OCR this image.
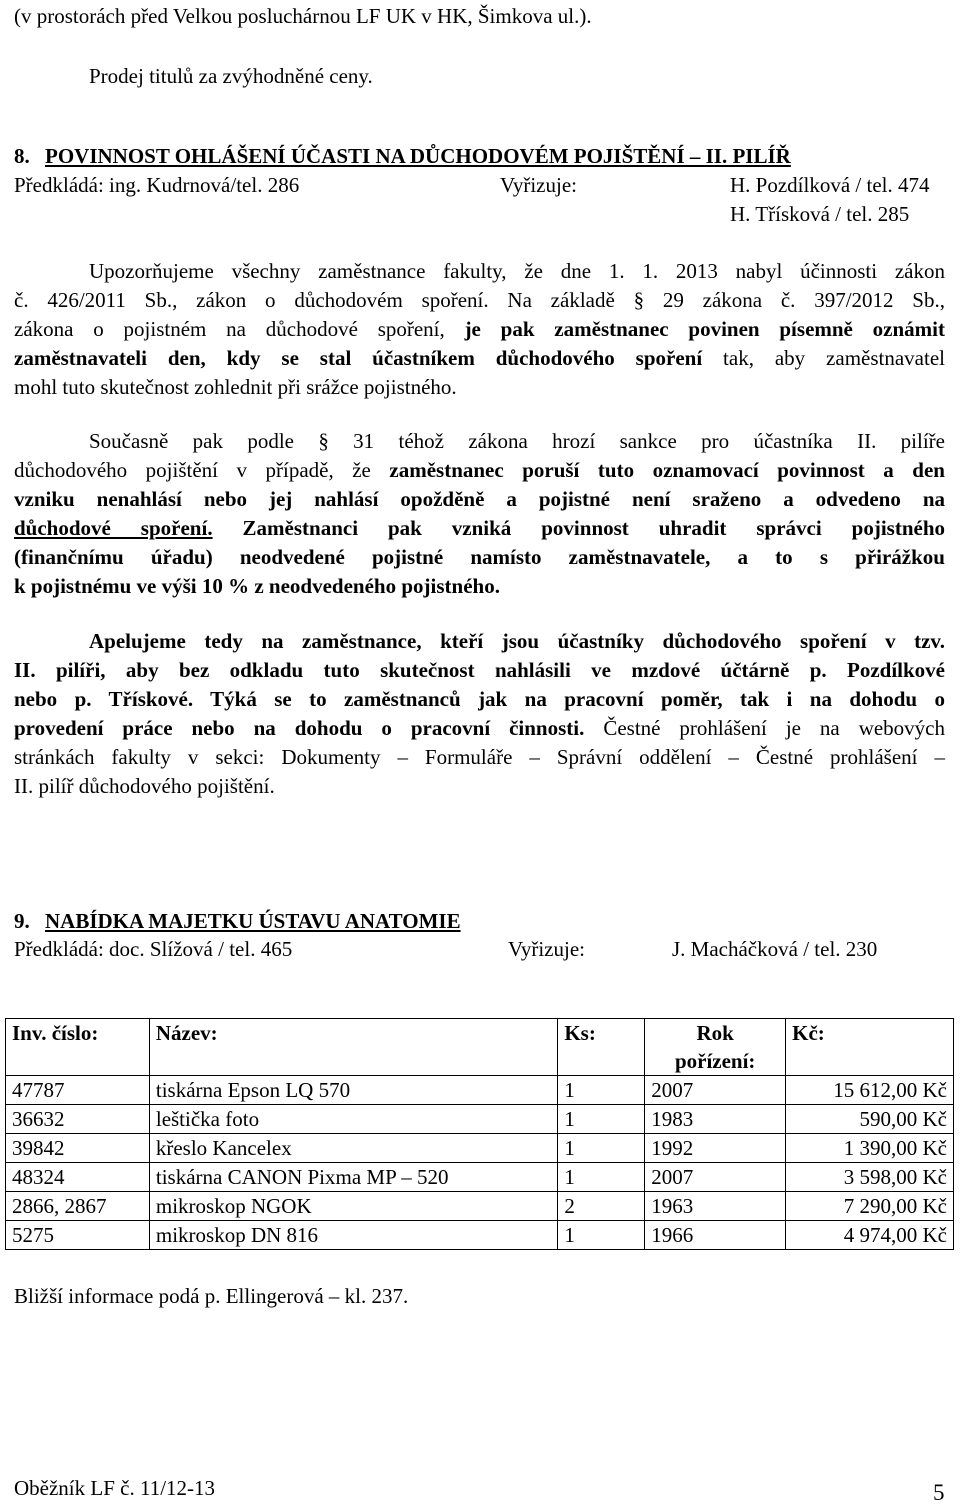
(v prostorách před Velkou posluchárnou LF UK v HK, Šimkova ul.).
Prodej titulů za zvýhodněné ceny.
8. POVINNOST OHLÁŠENÍ ÚČASTI NA DŮCHODOVÉM POJIŠTĚNÍ – II. PILÍŘ
Předkládá: ing. Kudrnová/tel. 286	Vyřizuje:	H. Pozdílková / tel. 474
H. Třísková / tel. 285
Upozorňujeme všechny zaměstnance fakulty, že dne 1. 1. 2013 nabyl účinnosti zákon
č. 426/2011 Sb., zákon o důchodovém spoření. Na základě § 29 zákona č. 397/2012 Sb.,
zákona o pojistném na důchodové spoření, je pak zaměstnanec povinen písemně oznámit
zaměstnavateli den, kdy se stal účastníkem důchodového spoření tak, aby zaměstnavatel
mohl tuto skutečnost zohlednit při srážce pojistného.
Současně pak podle § 31 téhož zákona hrozí sankce pro účastníka II. pilíře
důchodového pojištění v případě, že zaměstnanec poruší tuto oznamovací povinnost a den
vzniku nenahlásí nebo jej nahlásí opožděně a pojistné není sraženo a odvedeno na
důchodové spoření. Zaměstnanci pak vzniká povinnost uhradit správci pojistného
(finančnímu úřadu) neodvedené pojistné namísto zaměstnavatele, a to s přirážkou
k pojistnému ve výši 10 % z neodvedeného pojistného.
Apelujeme tedy na zaměstnance, kteří jsou účastníky důchodového spoření v tzv.
II. pilíři, aby bez odkladu tuto skutečnost nahlásili ve mzdové účtárně p. Pozdílkové
nebo p. Třískové. Týká se to zaměstnanců jak na pracovní poměr, tak i na dohodu o
provedení práce nebo na dohodu o pracovní činnosti. Čestné prohlášení je na webových
stránkách fakulty v sekci: Dokumenty – Formuláře – Správní oddělení – Čestné prohlášení –
II. pilíř důchodového pojištění.
9. NABÍDKA MAJETKU ÚSTAVU ANATOMIE
Předkládá: doc. Slížová / tel. 465	Vyřizuje:	J. Macháčková / tel. 230
Inv. číslo:	Název:	Ks:	Rok pořízení:	Kč:
47787	tiskárna Epson LQ 570	1	2007	15 612,00 Kč
36632	leštička foto	1	1983	590,00 Kč
39842	křeslo Kancelex	1	1992	1 390,00 Kč
48324	tiskárna CANON Pixma MP – 520	1	2007	3 598,00 Kč
2866, 2867	mikroskop NGOK	2	1963	7 290,00 Kč
5275	mikroskop DN 816	1	1966	4 974,00 Kč
Bližší informace podá p. Ellingerová – kl. 237.
Oběžník LF č. 11/12-13	5
